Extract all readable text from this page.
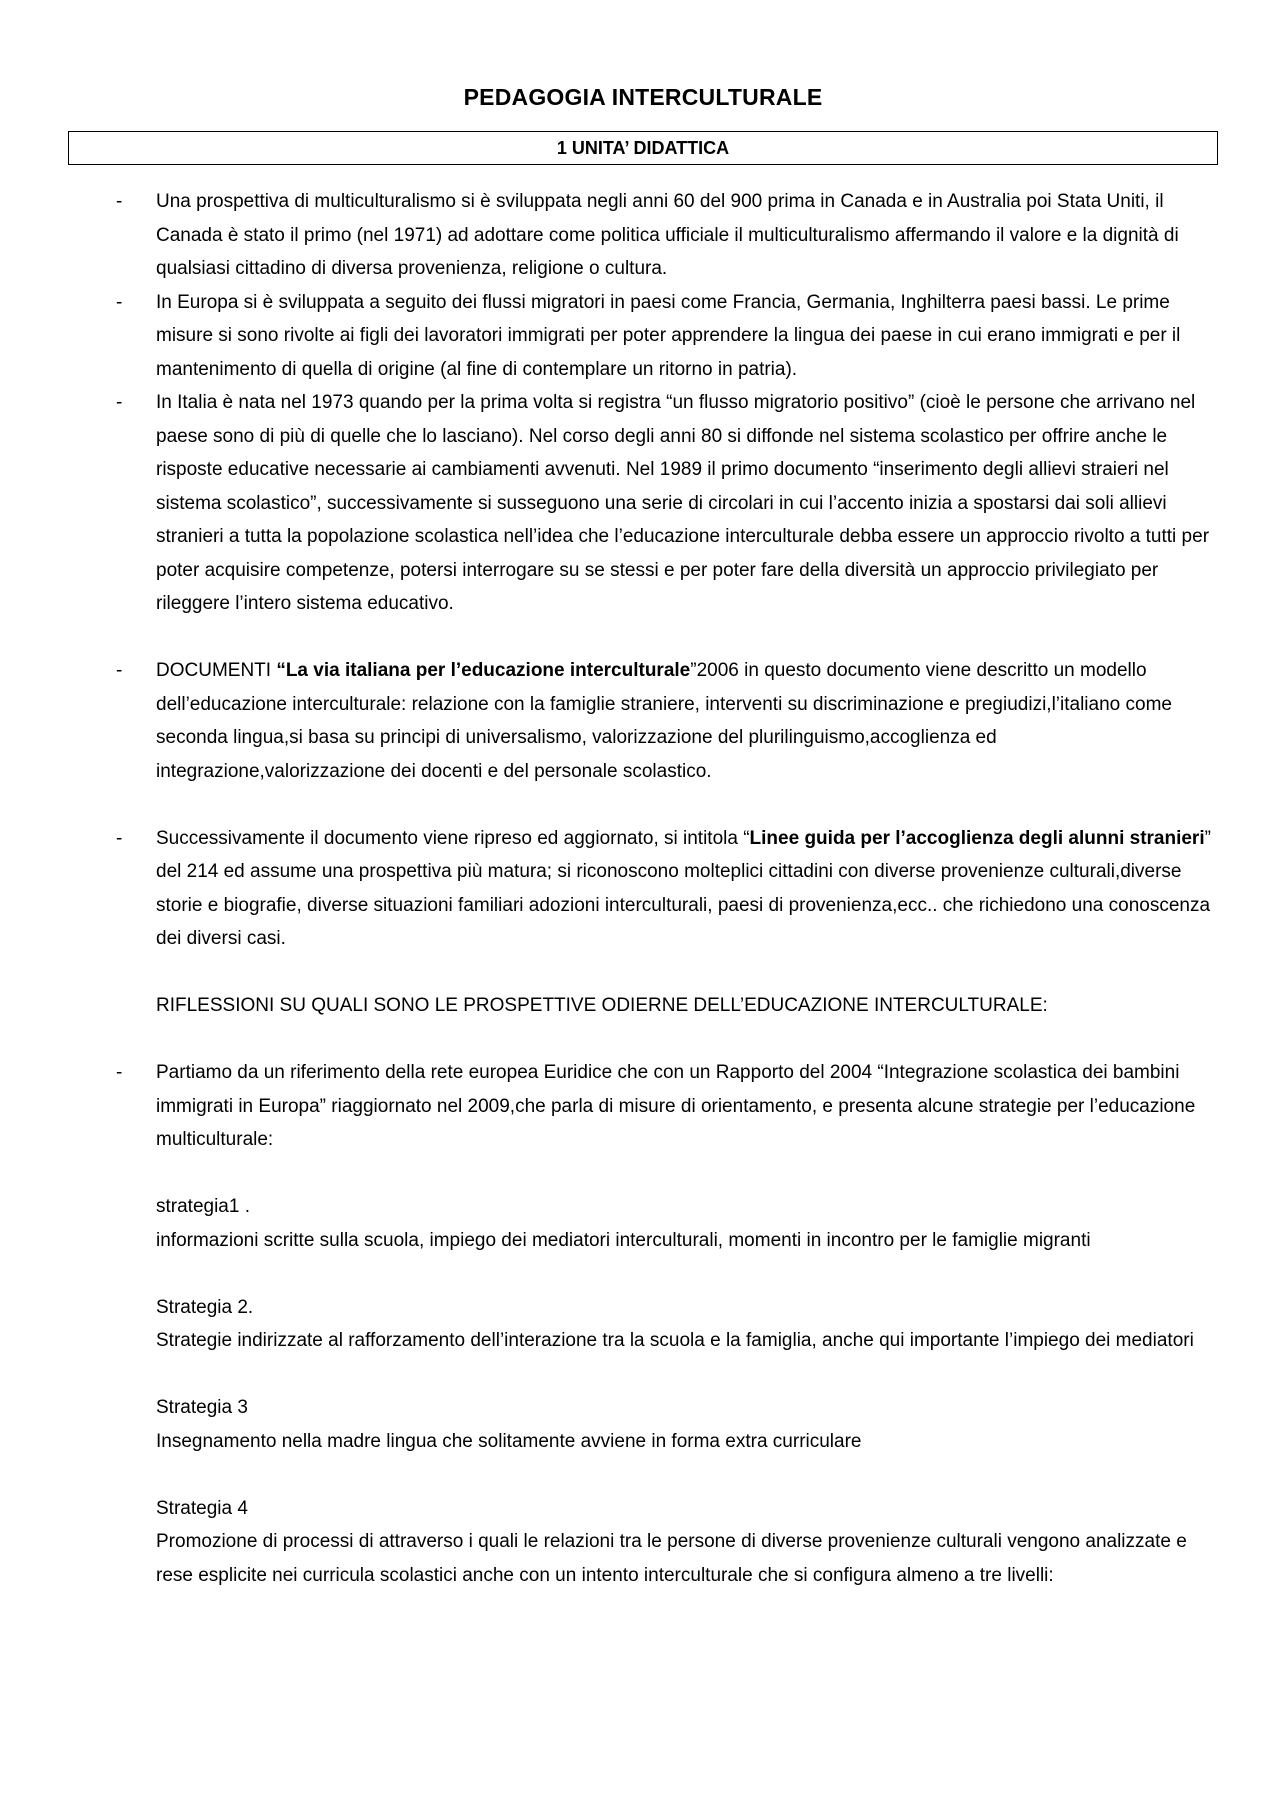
PEDAGOGIA INTERCULTURALE
1 UNITA’ DIDATTICA
- Una prospettiva di multiculturalismo si è sviluppata negli anni 60 del 900 prima in Canada e in Australia poi Stata Uniti, il Canada è stato il primo (nel 1971) ad adottare come politica ufficiale il multiculturalismo affermando il valore e la dignità di qualsiasi cittadino di diversa provenienza, religione o cultura.
- In Europa si è sviluppata a seguito dei flussi migratori in paesi come Francia, Germania, Inghilterra paesi bassi. Le prime misure si sono rivolte ai figli dei lavoratori immigrati per poter apprendere la lingua dei paese in cui erano immigrati e per il mantenimento di quella di origine (al fine di contemplare un ritorno in patria).
- In Italia è nata nel 1973 quando per la prima volta si registra “un flusso migratorio positivo” (cioè le persone che arrivano nel paese sono di più di quelle che lo lasciano). Nel corso degli anni 80 si diffonde nel sistema scolastico per offrire anche le risposte educative necessarie ai cambiamenti avvenuti. Nel 1989 il primo documento “inserimento degli allievi straieri nel sistema scolastico”, successivamente si susseguono una serie di circolari in cui l’accento inizia a spostarsi dai soli allievi stranieri a tutta la popolazione scolastica nell’idea che l’educazione interculturale debba essere un approccio rivolto a tutti per poter acquisire competenze, potersi interrogare su se stessi e per poter fare della diversità un approccio privilegiato per rileggere l’intero sistema educativo.
- DOCUMENTI “La via italiana per l’educazione interculturale”2006 in questo documento viene descritto un modello dell’educazione interculturale: relazione con la famiglie straniere, interventi su discriminazione e pregiudizi,l’italiano come seconda lingua,si basa su principi di universalismo, valorizzazione del plurilinguismo,accoglienza ed integrazione,valorizzazione dei docenti e del personale scolastico.
- Successivamente il documento viene ripreso ed aggiornato, si intitola “Linee guida per l’accoglienza degli alunni stranieri” del 214 ed assume una prospettiva più matura; si riconoscono molteplici cittadini con diverse provenienze culturali,diverse storie e biografie, diverse situazioni familiari adozioni interculturali, paesi di provenienza,ecc.. che richiedono una conoscenza dei diversi casi.
RIFLESSIONI SU QUALI SONO LE PROSPETTIVE ODIERNE DELL’EDUCAZIONE INTERCULTURALE:
- Partiamo da un riferimento della rete europea Euridice che con un Rapporto del 2004 “Integrazione scolastica dei bambini immigrati in Europa” riaggiornato nel 2009,che parla di misure di orientamento, e presenta alcune strategie per l’educazione multiculturale:
strategia1 .
informazioni scritte sulla scuola, impiego dei mediatori interculturali, momenti in incontro per le famiglie migranti
Strategia 2.
Strategie indirizzate al rafforzamento dell’interazione tra la scuola e la famiglia, anche qui importante l’impiego dei mediatori
Strategia 3
Insegnamento nella madre lingua che solitamente avviene in forma extra curriculare
Strategia 4
Promozione di processi di attraverso i quali le relazioni tra le persone di diverse provenienze culturali vengono analizzate e rese esplicite nei curricula scolastici anche con un intento interculturale che si configura almeno a tre livelli:
